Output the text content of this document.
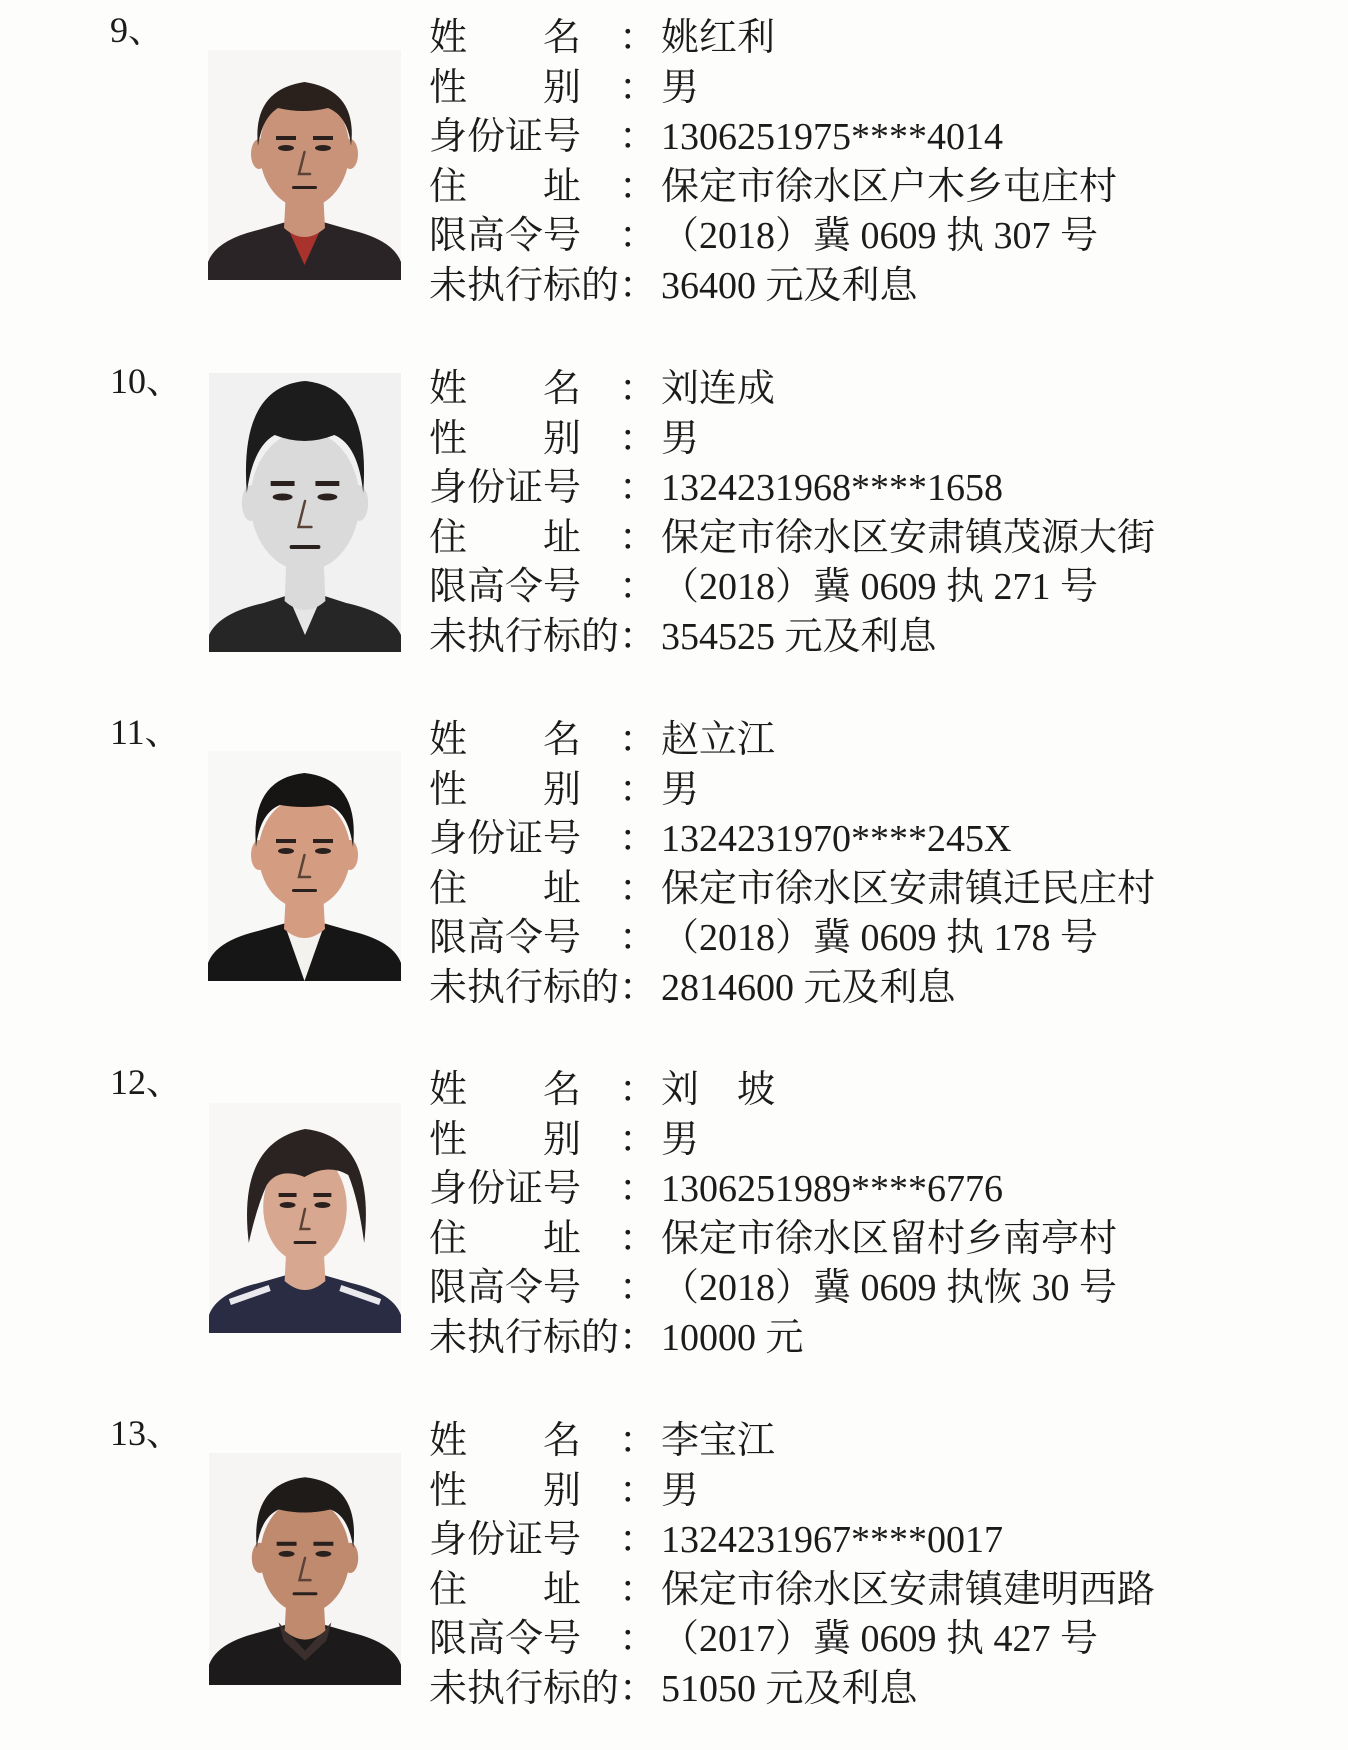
9、	姓　　名 ： 姚红利
性　　别 ： 男
身份证号 ： 1306251975****4014
住　　址 ： 保定市徐水区户木乡屯庄村
限高令号 ： （2018）冀 0609 执 307 号
未执行标的 ： 36400 元及利息
10、	姓　　名 ： 刘连成
性　　别 ： 男
身份证号 ： 1324231968****1658
住　　址 ： 保定市徐水区安肃镇茂源大街
限高令号 ： （2018）冀 0609 执 271 号
未执行标的 ： 354525 元及利息
11、	姓　　名 ： 赵立江
性　　别 ： 男
身份证号 ： 1324231970****245X
住　　址 ： 保定市徐水区安肃镇迁民庄村
限高令号 ： （2018）冀 0609 执 178 号
未执行标的 ： 2814600 元及利息
12、	姓　　名 ： 刘　坡
性　　别 ： 男
身份证号 ： 1306251989****6776
住　　址 ： 保定市徐水区留村乡南亭村
限高令号 ： （2018）冀 0609 执恢 30 号
未执行标的 ： 10000 元
13、	姓　　名 ： 李宝江
性　　别 ： 男
身份证号 ： 1324231967****0017
住　　址 ： 保定市徐水区安肃镇建明西路
限高令号 ： （2017）冀 0609 执 427 号
未执行标的 ： 51050 元及利息
